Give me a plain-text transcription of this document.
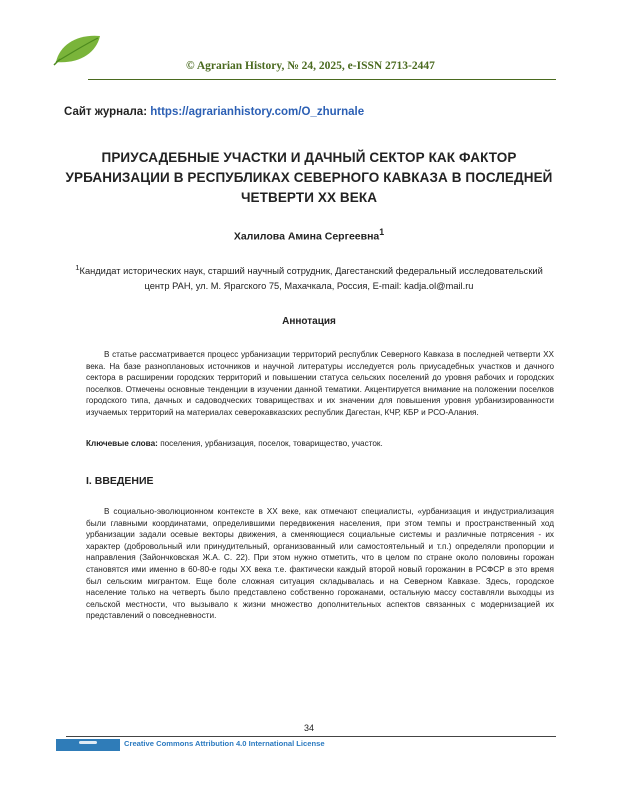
© Agrarian History, № 24, 2025, e-ISSN 2713-2447
Сайт журнала: https://agrarianhistory.com/O_zhurnale
ПРИУСАДЕБНЫЕ УЧАСТКИ И ДАЧНЫЙ СЕКТОР КАК ФАКТОР УРБАНИЗАЦИИ В РЕСПУБЛИКАХ СЕВЕРНОГО КАВКАЗА В ПОСЛЕДНЕЙ ЧЕТВЕРТИ XX ВЕКА
Халилова Амина Сергеевна$^1$
$^1$Кандидат исторических наук, старший научный сотрудник, Дагестанский федеральный исследовательский центр РАН, ул. М. Ярагского 75, Махачкала, Россия, E-mail: kadja.ol@mail.ru
Аннотация
В статье рассматривается процесс урбанизации территорий республик Северного Кавказа в последней четверти XX века. На базе разноплановых источников и научной литературы исследуется роль приусадебных участков и дачного сектора в расширении городских территорий и повышении статуса сельских поселений до уровня рабочих и городских поселков. Отмечены основные тенденции в изучении данной тематики. Акцентируется внимание на положении поселков городского типа, дачных и садоводческих товариществах и их значении для повышения уровня урбанизированности изучаемых территорий на материалах северокавказских республик Дагестан, КЧР, КБР и РСО-Алания.
Ключевые слова: поселения, урбанизация, поселок, товарищество, участок.
I. ВВЕДЕНИЕ
В социально-эволюционном контексте в XX веке, как отмечают специалисты, «урбанизация и индустриализация были главными координатами, определившими передвижения населения, при этом темпы и пространственный ход урбанизации задали осевые векторы движения, а сменяющиеся социальные системы и различные потрясения - их характер (добровольный или принудительный, организованный или самостоятельный и т.п.) определяли пропорции и направления (Зайончковская Ж.А. С. 22). При этом нужно отметить, что в целом по стране около половины горожан становятся ими именно в 60-80-е годы XX века т.е. фактически каждый второй новый горожанин в РСФСР в это время был сельским мигрантом. Еще боле сложная ситуация складывалась и на Северном Кавказе. Здесь, городское население только на четверть было представлено собственно горожанами, остальную массу составляли выходцы из сельской местности, что вызывало к жизни множество дополнительных аспектов связанных с модернизацией их представлений о повседневности.
34
Creative Commons Attribution 4.0 International License
